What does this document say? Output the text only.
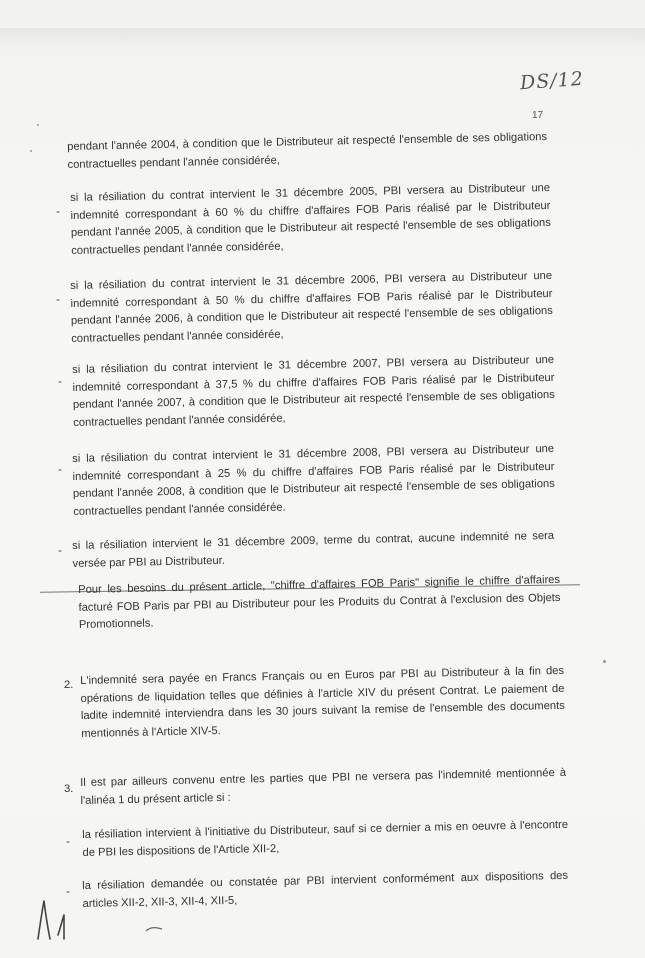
DS/12
17
pendant l'année 2004, à condition que le Distributeur ait respecté l'ensemble de ses obligations contractuelles pendant l'année considérée,
-
si la résiliation du contrat intervient le 31 décembre 2005, PBI versera au Distributeur une indemnité correspondant à 60 % du chiffre d'affaires FOB Paris réalisé par le Distributeur pendant l'année 2005, à condition que le Distributeur ait respecté l'ensemble de ses obligations contractuelles pendant l'année considérée,
-
si la résiliation du contrat intervient le 31 décembre 2006, PBI versera au Distributeur une indemnité correspondant à 50 % du chiffre d'affaires FOB Paris réalisé par le Distributeur pendant l'année 2006, à condition que le Distributeur ait respecté l'ensemble de ses obligations contractuelles pendant l'année considérée,
-
si la résiliation du contrat intervient le 31 décembre 2007, PBI versera au Distributeur une indemnité correspondant à 37,5 % du chiffre d'affaires FOB Paris réalisé par le Distributeur pendant l'année 2007, à condition que le Distributeur ait respecté l'ensemble de ses obligations contractuelles pendant l'année considérée,
-
si la résiliation du contrat intervient le 31 décembre 2008, PBI versera au Distributeur une indemnité correspondant à 25 % du chiffre d'affaires FOB Paris réalisé par le Distributeur pendant l'année 2008, à condition que le Distributeur ait respecté l'ensemble de ses obligations contractuelles pendant l'année considérée.
- si la résiliation intervient le 31 décembre 2009, terme du contrat, aucune indemnité ne sera versée par PBI au Distributeur.
Pour les besoins du présent article, "chiffre d'affaires FOB Paris" signifie le chiffre d'affaires facturé FOB Paris par PBI au Distributeur pour les Produits du Contrat à l'exclusion des Objets Promotionnels.
2. L'indemnité sera payée en Francs Français ou en Euros par PBI au Distributeur à la fin des opérations de liquidation telles que définies à l'article XIV du présent Contrat. Le paiement de ladite indemnité interviendra dans les 30 jours suivant la remise de l'ensemble des documents mentionnés à l'Article XIV-5.
3.
Il est par ailleurs convenu entre les parties que PBI ne versera pas l'indemnité mentionnée à l'alinéa 1 du présent article si :
-
la résiliation intervient à l'initiative du Distributeur, sauf si ce dernier a mis en oeuvre à l'encontre de PBI les dispositions de l'Article XII-2,
- la résiliation demandée ou constatée par PBI intervient conformément aux dispositions des articles XII-2, XII-3, XII-4, XII-5,
